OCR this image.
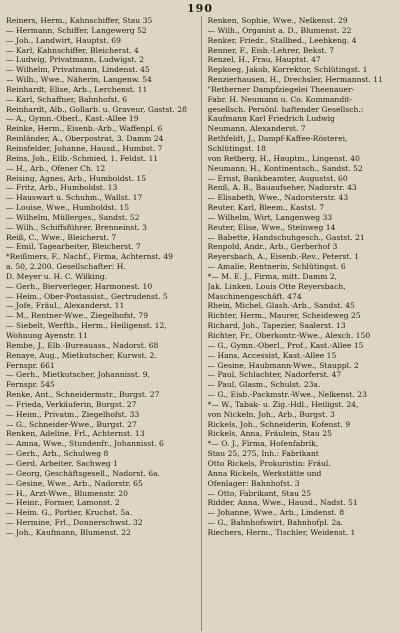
190
Reiners, Herm., Kahnschiffer, Stau 35
— Hermann, Schiffer, Langewerg 52
— Joh., Landwirt, Hauptst. 69
— Karl, Kahnschiffer, Bleicherst. 4
— Ludwig, Privatmann, Ludwigst. 2
— Wilhelm, Privatmann, Lindenst. 45
— Wilh., Wwe., Näherin, Langenw. 54
Reinhardt, Elise, Arb., Lerchenst. 11
— Karl, Schaffner, Bahnhofst. 6
Reinhardt, Alb., Gollarb. u. Graveur, Gastst. 28
— A., Gymn.-Oberl., Kast.-Allee 19
Reinke, Herm., Eisenb.-Arb., Waffenpl. 6
Reinländer, A., Oberpostrat, 3. Damm 24
Reinsfelder, Johanne, Hausd., Humbst. 7
Reins, Joh., Eilb.-Schmied, 1. Feldst. 11
— H., Arb., Ofener Ch. 12
Reising, Agnes, Arb., Humboldst. 15
— Fritz, Arb., Humboldst. 13
— Hauswart u. Schuhm., Wallst. 17
— Louise, Wwe., Humboldst. 15
— Wilhelm, Müllerges., Sandst. 52
— Wilh., Schiffsführer, Brenneinst. 3
Reiß, C., Wwe., Bleicherst. 7
— Emil, Tagearbeiter, Bleicherst. 7
*Reißmers, F., Nachf., Firma, Achternst. 49
a. 50, 2.200. Gesellschafter: H.
D. Meyer u. H. C. Wilking.
— Gerh., Bierverleger, Harmonest. 10
— Heim., Ober-Postassist., Gertrudenst. 5
— Jofe, Fräul., Alexanderst. 11
— M., Rentner-Wwe., Ziegelhofst. 79
— Siebelt, Werftb., Herm., Heiligenst. 12,
Wohnung Ayenstr. 11
Rembe, J., Elb.-Bureauass., Nadorst. 68
Renaye, Aug., Mietkutscher, Kurwst. 2.
Fernspr. 661
— Gerh., Mietkutscher, Johannisst. 9,
Fernspr. 545
Renke, Ant., Schneidermstr., Burgst. 27
— Frieda, Verkäuferin, Burgst. 27
— Heim., Privatm., Ziegelhofst. 33
— G., Schneider-Wwe., Burgst. 27
Renken, Adeline, Frl., Achternst. 13
— Amna, Wwe., Stundenfr., Johannisst. 6
— Gerh., Arb., Schulweg 8
— Gerd, Arbeiter, Sachweg 1
— Georg, Geschäftsgesell., Nadorst. 6a.
— Gesine, Wwe., Arb., Nadorstr. 65
— H., Arzt-Wwe., Blumenstr. 20
— Heinr., Former, Lamonst. 2
— Heim. G., Portier, Kruchst. 5a.
— Hermine, Frl., Donnerschwst. 32
— Joh., Kaufmann, Blumenst. 22
Renken, Sophie, Wwe., Nelkenst. 29
— Wilh., Organist a. D., Blumenst. 22
Renker, Friedr., Stallbed., Leebkeng. 4
Renner, F., Eisb.-Lehrer, Bekst. 7
Renzel, H., Frau, Hauptst. 47
Repkoeg, Jakob, Korrektor, Schlütingst. 1
Renzierhausen, H., Drechsler, Hermannst. 11
"Retherner Dampfziegelei Theenauer-
Fabr. H. Neumann u. Co. Kommandit-
gesellsch. Persönl. haftender Gesellsch.:
Kaufmann Karl Friedrich Ludwig
Neumann, Alexanderst. 7
Rethfeldt, J., Dampf-Kaffee-Rösterei,
Schlütingst. 18
von Retberg, H., Hauptm., Lingenst. 40
Neumann, H., Kontinentsch., Sandst. 52
— Ernst, Bankbeamter, Augustst. 60
Renß, A. B., Bauaufseher, Nadorstr. 43
— Elisabeth, Wwe., Nadorsterstr. 43
Reuter, Karl, Bleem., Kastst. 7
— Wilhelm, Wirt, Langenweg 33
Reuter, Elise, Wwe., Steinweg 14
— Babette, Handschuhgesch., Gastst. 21
Renpold, Andr., Arb., Gerberhof 3
Reyersbach, A., Eisenb.-Rev., Peterst. 1
— Amalie, Rentnerin, Schlütingst. 6
*— M. E. J., Firma, mitt. Damm 2,
Jak. Linken, Louis Otte Reyersbach,
Maschinengeschäft. 474
Rhein, Michel, Glash.-Arb., Sandst. 45
Richter, Herm., Maurer, Scheideweg 25
Richard, Joh., Tapezier, Saalerst. 13
Richter, Fr., Oberkontr.-Wwe., Alexch. 150
— G., Gymn.-Oberl., Prof., Kast.-Allee 15
— Hans, Accessist, Kast.-Allee 15
— Gesine, Haubmann-Wwe., Stauppl. 2
— Paul, Schlachter, Nadorferst. 47
— Paul, Glasm., Schulst. 23a.
— G., Eisb.-Packmstr.-Wwe., Nelkenst. 23
*— W., Tabak- u. Zig.-Hdl., Heiligst. 24,
von Nickeln, Joh., Arb., Burgst. 3
Rickels, Joh., Schneiderin, Kofenst. 9
Rickels, Anna, Fräulein, Stau 25
*— O. J., Firma, Hofenfabrik,
Stau 25, 275, Inh.: Fabrikant
Otto Rickels, Prokuristin: Fräul.
Anna Rickels, Werkstätte und
Ofenlager: Bahnhofst. 3
— Otto, Fabrikant, Stau 25
Ridder, Anna, Wwe., Hausd., Nadst. 51
— Johanne, Wwe., Arb., Lindenst. 8
— G., Bahnhofswirt, Bahnhofpl. 2a.
Riechers, Herm., Tischler, Weidenst. 1
